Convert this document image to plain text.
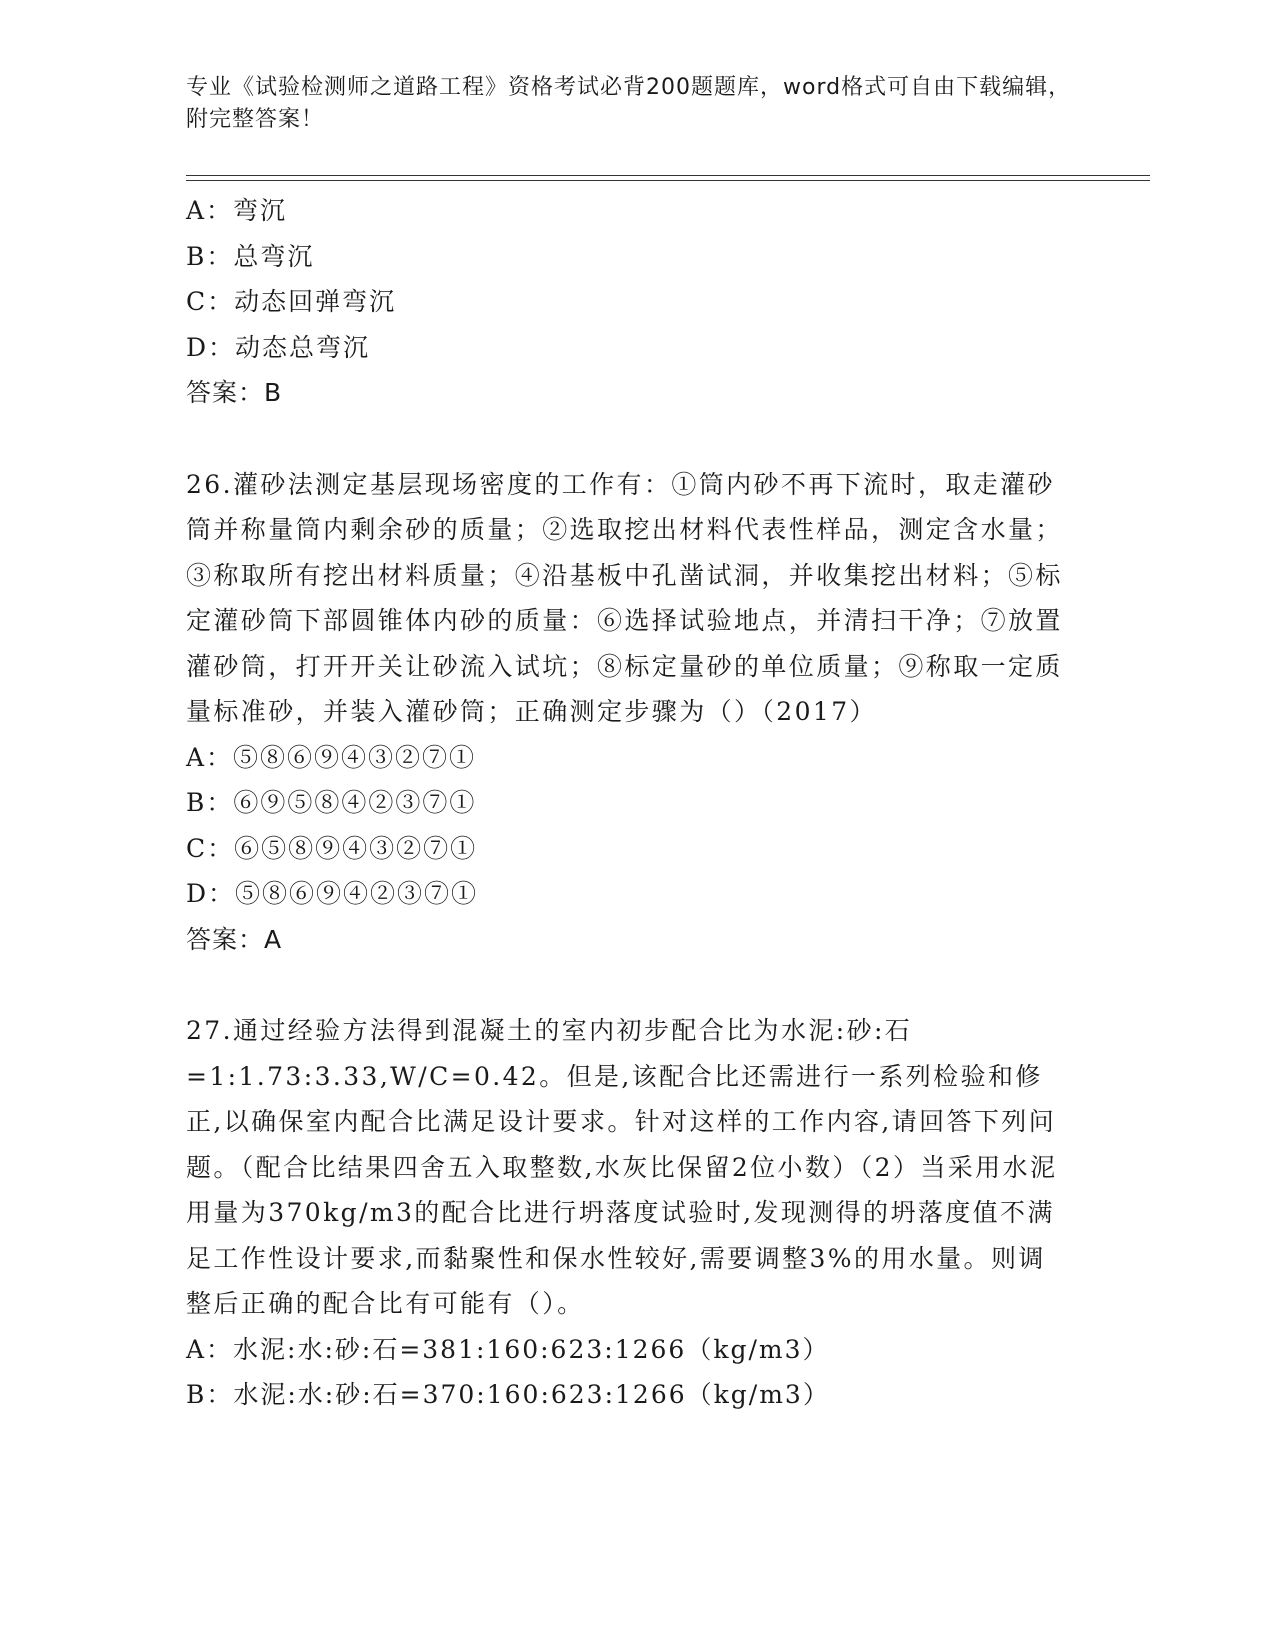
专业《试验检测师之道路工程》资格考试必背200题题库，word格式可自由下载编辑，附完整答案！
A：弯沉
B：总弯沉
C：动态回弹弯沉
D：动态总弯沉
答案：B
26.灌砂法测定基层现场密度的工作有：①筒内砂不再下流时，取走灌砂筒并称量筒内剩余砂的质量；②选取挖出材料代表性样品，测定含水量；③称取所有挖出材料质量；④沿基板中孔凿试洞，并收集挖出材料；⑤标定灌砂筒下部圆锥体内砂的质量：⑥选择试验地点，并清扫干净；⑦放置灌砂筒，打开开关让砂流入试坑；⑧标定量砂的单位质量；⑨称取一定质量标准砂，并装入灌砂筒；正确测定步骤为（）（2017）
A：⑤⑧⑥⑨④③②⑦①
B：⑥⑨⑤⑧④②③⑦①
C：⑥⑤⑧⑨④③②⑦①
D：⑤⑧⑥⑨④②③⑦①
答案：A
27.通过经验方法得到混凝土的室内初步配合比为水泥:砂:石=1:1.73:3.33,W/C=0.42。但是,该配合比还需进行一系列检验和修正,以确保室内配合比满足设计要求。针对这样的工作内容,请回答下列问题。（配合比结果四舍五入取整数,水灰比保留2位小数）（2）当采用水泥用量为370kg/m3的配合比进行坍落度试验时,发现测得的坍落度值不满足工作性设计要求,而黏聚性和保水性较好,需要调整3%的用水量。则调整后正确的配合比有可能有（）。
A：水泥:水:砂:石=381:160:623:1266（kg/m3）
B：水泥:水:砂:石=370:160:623:1266（kg/m3）
